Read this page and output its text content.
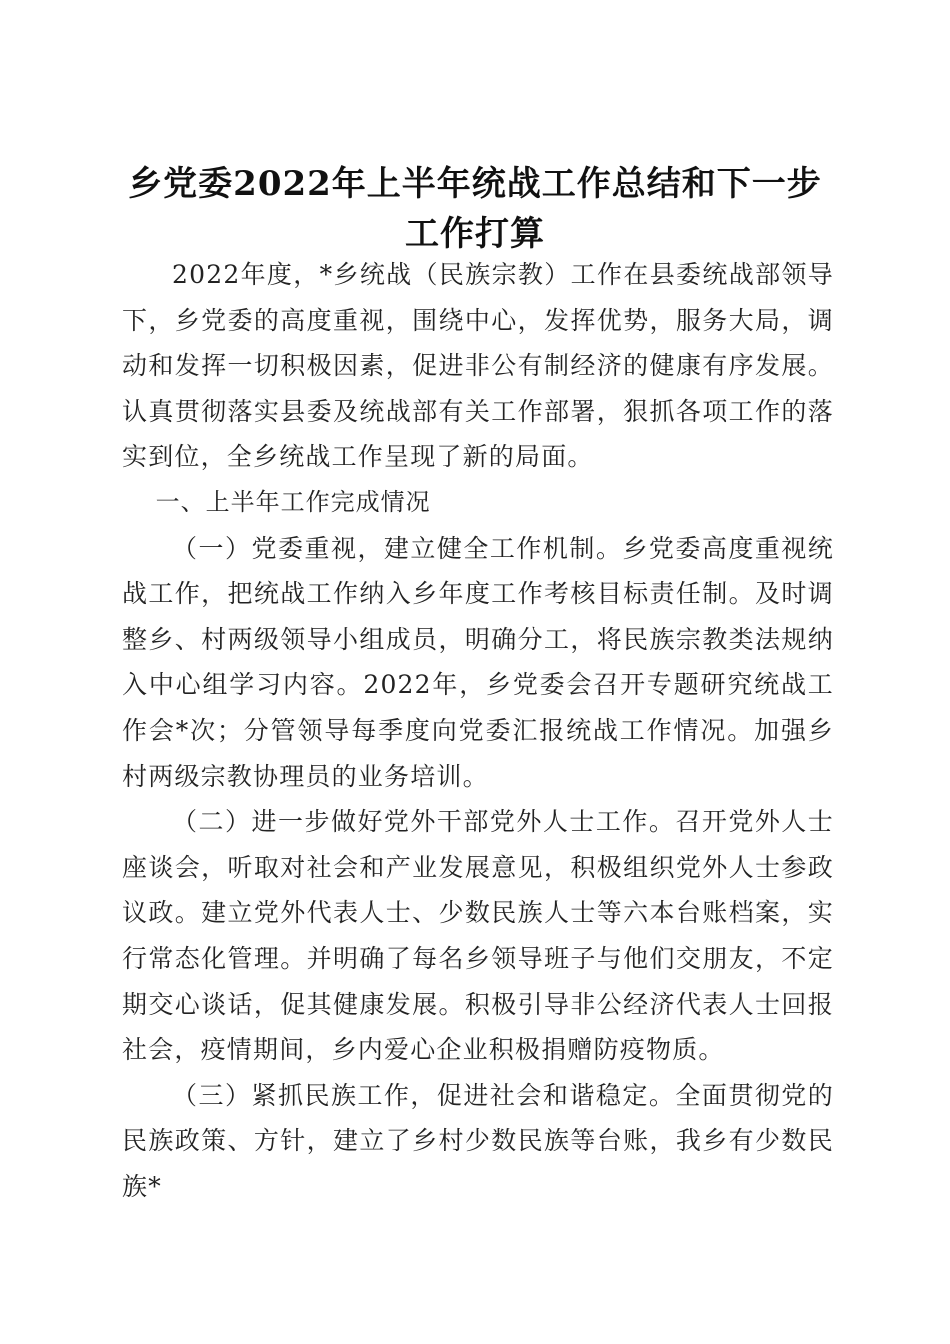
乡党委2022年上半年统战工作总结和下一步
工作打算

2022年度，*乡统战（民族宗教）工作在县委统战部领导下，乡党委的高度重视，围绕中心，发挥优势，服务大局，调动和发挥一切积极因素，促进非公有制经济的健康有序发展。认真贯彻落实县委及统战部有关工作部署，狠抓各项工作的落实到位，全乡统战工作呈现了新的局面。

一、上半年工作完成情况

（一）党委重视，建立健全工作机制。乡党委高度重视统战工作，把统战工作纳入乡年度工作考核目标责任制。及时调整乡、村两级领导小组成员，明确分工，将民族宗教类法规纳入中心组学习内容。2022年，乡党委会召开专题研究统战工作会*次；分管领导每季度向党委汇报统战工作情况。加强乡村两级宗教协理员的业务培训。

（二）进一步做好党外干部党外人士工作。召开党外人士座谈会，听取对社会和产业发展意见，积极组织党外人士参政议政。建立党外代表人士、少数民族人士等六本台账档案，实行常态化管理。并明确了每名乡领导班子与他们交朋友，不定期交心谈话，促其健康发展。积极引导非公经济代表人士回报社会，疫情期间，乡内爱心企业积极捐赠防疫物质。

（三）紧抓民族工作，促进社会和谐稳定。全面贯彻党的民族政策、方针，建立了乡村少数民族等台账，我乡有少数民族*
